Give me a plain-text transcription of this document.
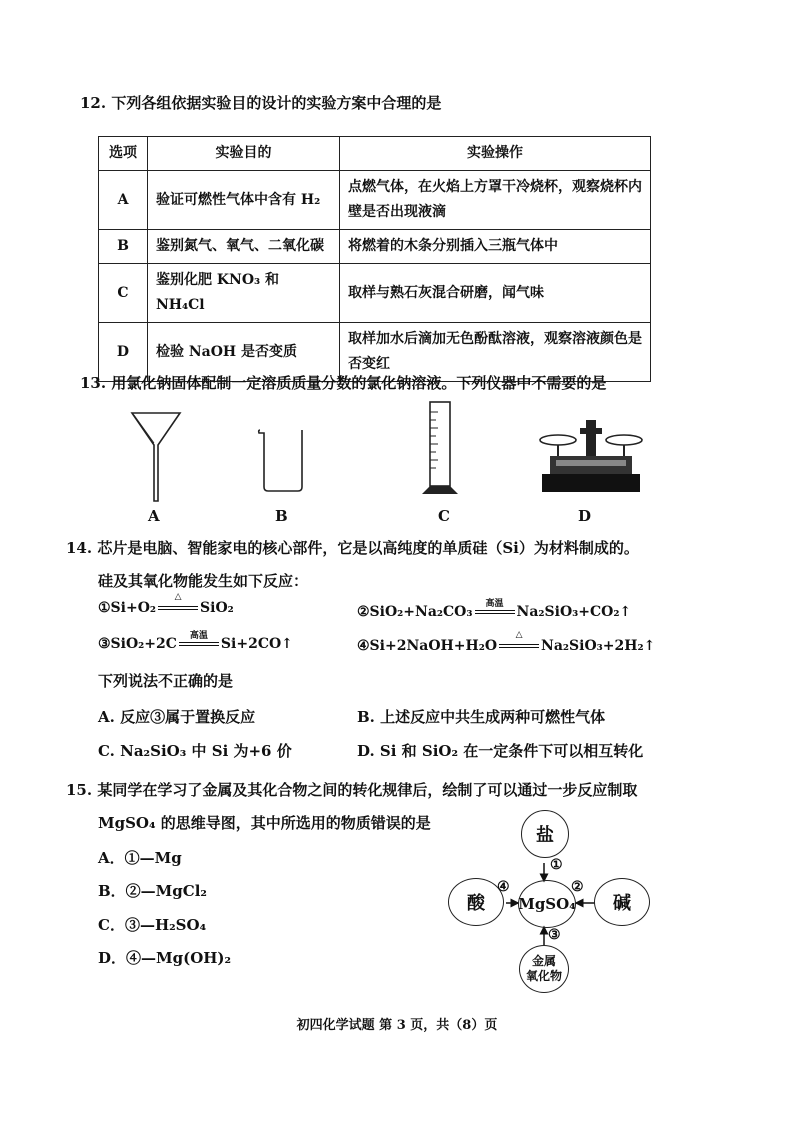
12. 下列各组依据实验目的设计的实验方案中合理的是
选项	实验目的	实验操作
A	验证可燃性气体中含有 H₂	点燃气体，在火焰上方罩干冷烧杯，观察烧杯内壁是否出现液滴
B	鉴别氮气、氧气、二氧化碳	将燃着的木条分别插入三瓶气体中
C	鉴别化肥 KNO₃ 和 NH₄Cl	取样与熟石灰混合研磨，闻气味
D	检验 NaOH 是否变质	取样加水后滴加无色酚酞溶液，观察溶液颜色是否变红
13. 用氯化钠固体配制一定溶质质量分数的氯化钠溶液。下列仪器中不需要的是
A	B	C	D
14. 芯片是电脑、智能家电的核心部件，它是以高纯度的单质硅（Si）为材料制成的。
硅及其氧化物能发生如下反应：
①Si+O₂
△
SiO₂	②SiO₂+Na₂CO₃	高温 Na₂SiO₃+CO₂↑
③SiO₂+2C	高温 Si+2CO↑	④Si+2NaOH+H₂O
△
Na₂SiO₃+2H₂↑
下列说法不正确的是
A. 反应③属于置换反应	B. 上述反应中共生成两种可燃性气体
C. Na₂SiO₃ 中 Si 为+6 价	D. Si 和 SiO₂ 在一定条件下可以相互转化
15. 某同学在学习了金属及其化合物之间的转化规律后，绘制了可以通过一步反应制取
MgSO₄ 的思维导图，其中所选用的物质错误的是
A．①—Mg
B．②—MgCl₂
C．③—H₂SO₄
D．④—Mg(OH)₂
盐
酸	碱
MgSO₄
金属
氧化物
①
②
④
③
初四化学试题 第 3 页，共（8）页
